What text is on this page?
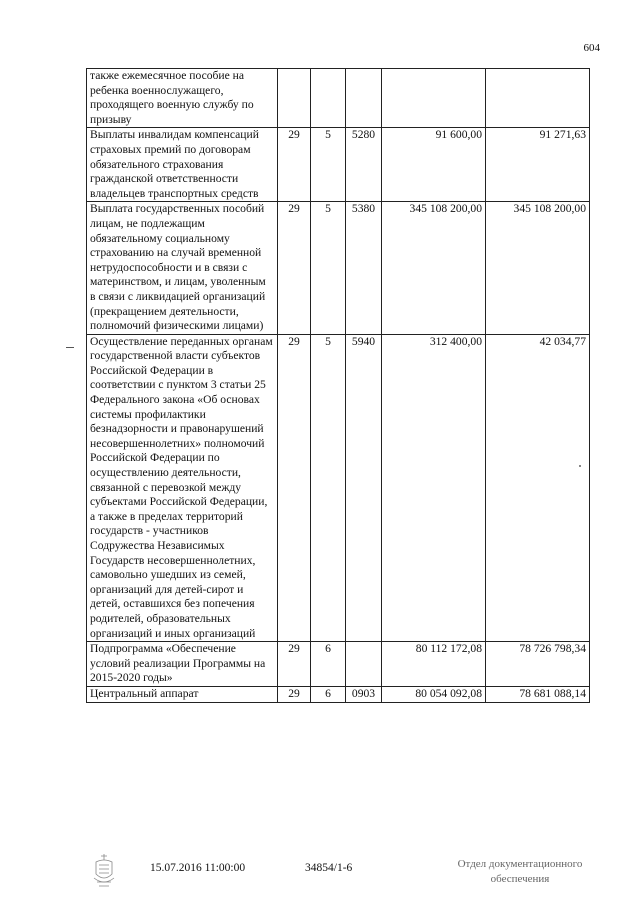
604
также ежемесячное пособие на ребенка военнослужащего, проходящего военную службу по призыву					
Выплаты инвалидам компенсаций страховых премий по договорам обязательного страхования гражданской ответственности владельцев транспортных средств	29	5	5280	91 600,00	91 271,63
Выплата государственных пособий лицам, не подлежащим обязательному социальному страхованию на случай временной нетрудоспособности и в связи с материнством, и лицам, уволенным в связи с ликвидацией организаций (прекращением деятельности, полномочий физическими лицами)	29	5	5380	345 108 200,00	345 108 200,00
Осуществление переданных органам государственной власти субъектов Российской Федерации в соответствии с пунктом 3 статьи 25 Федерального закона «Об основах системы профилактики безнадзорности и правонарушений несовершеннолетних» полномочий Российской Федерации по осуществлению деятельности, связанной с перевозкой между субъектами Российской Федерации, а также в пределах территорий государств - участников Содружества Независимых Государств несовершеннолетних, самовольно ушедших из семей, организаций для детей-сирот и детей, оставшихся без попечения родителей, образовательных организаций и иных организаций	29	5	5940	312 400,00	42 034,77
Подпрограмма «Обеспечение условий реализации Программы на 2015-2020 годы»	29	6		80 112 172,08	78 726 798,34
Центральный аппарат	29	6	0903	80 054 092,08	78 681 088,14
15.07.2016 11:00:00	34854/1-6	Отдел документационного
обеспечения
